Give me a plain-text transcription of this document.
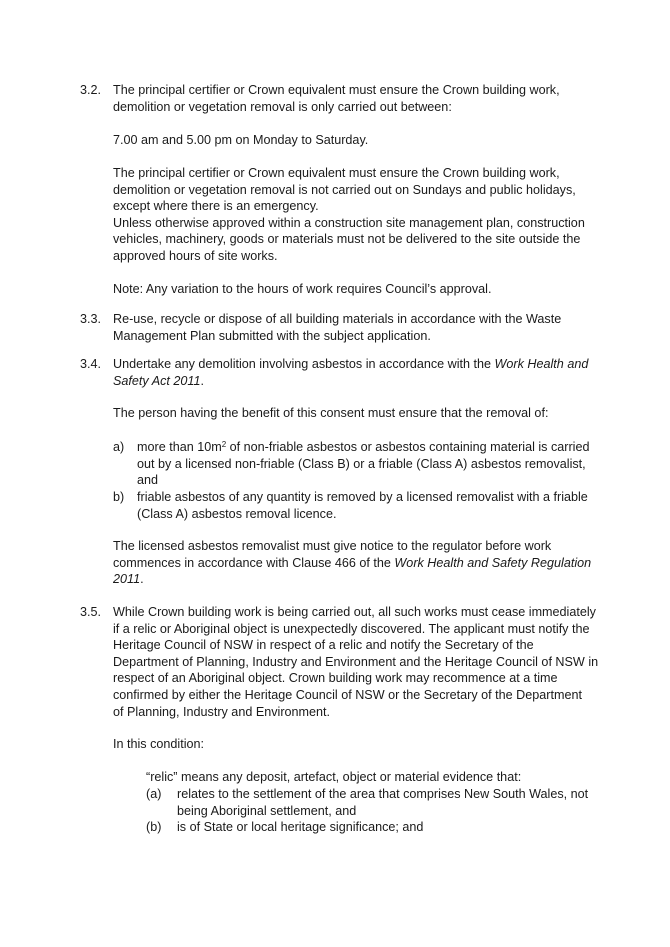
3.2. The principal certifier or Crown equivalent must ensure the Crown building work,
demolition or vegetation removal is only carried out between:
7.00 am and 5.00 pm on Monday to Saturday.
The principal certifier or Crown equivalent must ensure the Crown building work,
demolition or vegetation removal is not carried out on Sundays and public holidays,
except where there is an emergency.
Unless otherwise approved within a construction site management plan, construction
vehicles, machinery, goods or materials must not be delivered to the site outside the
approved hours of site works.
Note: Any variation to the hours of work requires Council’s approval.
3.3. Re-use, recycle or dispose of all building materials in accordance with the Waste
Management Plan submitted with the subject application.
3.4. Undertake any demolition involving asbestos in accordance with the Work Health and
Safety Act 2011.
The person having the benefit of this consent must ensure that the removal of:
a) more than $10m^2$ of non-friable asbestos or asbestos containing material is carried
out by a licensed non-friable (Class B) or a friable (Class A) asbestos removalist,
and
b) friable asbestos of any quantity is removed by a licensed removalist with a friable
(Class A) asbestos removal licence.
The licensed asbestos removalist must give notice to the regulator before work
commences in accordance with Clause 466 of the Work Health and Safety Regulation
2011.
3.5. While Crown building work is being carried out, all such works must cease immediately
if a relic or Aboriginal object is unexpectedly discovered. The applicant must notify the
Heritage Council of NSW in respect of a relic and notify the Secretary of the
Department of Planning, Industry and Environment and the Heritage Council of NSW in
respect of an Aboriginal object. Crown building work may recommence at a time
confirmed by either the Heritage Council of NSW or the Secretary of the Department
of Planning, Industry and Environment.
In this condition:
“relic” means any deposit, artefact, object or material evidence that:
(a) relates to the settlement of the area that comprises New South Wales, not
being Aboriginal settlement, and
(b) is of State or local heritage significance; and
